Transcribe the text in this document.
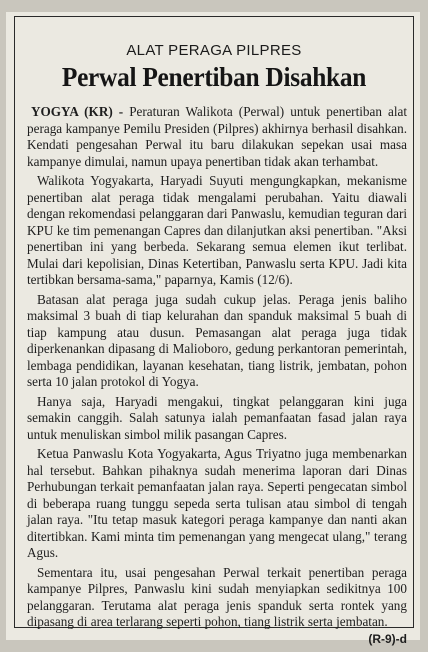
ALAT PERAGA PILPRES
Perwal Penertiban Disahkan

YOGYA (KR) - Peraturan Walikota (Perwal) untuk penertiban alat peraga kampanye Pemilu Presiden (Pilpres) akhirnya berhasil disahkan. Kendati pengesahan Perwal itu baru dilakukan sepekan usai masa kampanye dimulai, namun upaya penertiban tidak akan terhambat.

Walikota Yogyakarta, Haryadi Suyuti mengungkapkan, mekanisme penertiban alat peraga tidak mengalami perubahan. Yaitu diawali dengan rekomendasi pelanggaran dari Panwaslu, kemudian teguran dari KPU ke tim pemenangan Capres dan dilanjutkan aksi penertiban. "Aksi penertiban ini yang berbeda. Sekarang semua elemen ikut terlibat. Mulai dari kepolisian, Dinas Ketertiban, Panwaslu serta KPU. Jadi kita tertibkan bersama-sama," paparnya, Kamis (12/6).

Batasan alat peraga juga sudah cukup jelas. Peraga jenis baliho maksimal 3 buah di tiap kelurahan dan spanduk maksimal 5 buah di tiap kampung atau dusun. Pemasangan alat peraga juga tidak diperkenankan dipasang di Malioboro, gedung perkantoran pemerintah, lembaga pendidikan, layanan kesehatan, tiang listrik, jembatan, pohon serta 10 jalan protokol di Yogya.

Hanya saja, Haryadi mengakui, tingkat pelanggaran kini juga semakin canggih. Salah satunya ialah pemanfaatan fasad jalan raya untuk menuliskan simbol milik pasangan Capres.

Ketua Panwaslu Kota Yogyakarta, Agus Triyatno juga membenarkan hal tersebut. Bahkan pihaknya sudah menerima laporan dari Dinas Perhubungan terkait pemanfaatan jalan raya. Seperti pengecatan simbol di beberapa ruang tunggu sepeda serta tulisan atau simbol di tengah jalan raya. "Itu tetap masuk kategori peraga kampanye dan nanti akan ditertibkan. Kami minta tim pemenangan yang mengecat ulang," terang Agus.

Sementara itu, usai pengesahan Perwal terkait penertiban peraga kampanye Pilpres, Panwaslu kini sudah menyiapkan sedikitnya 100 pelanggaran. Terutama alat peraga jenis spanduk serta rontek yang dipasang di area terlarang seperti pohon, tiang listrik serta jembatan.
(R-9)-d
